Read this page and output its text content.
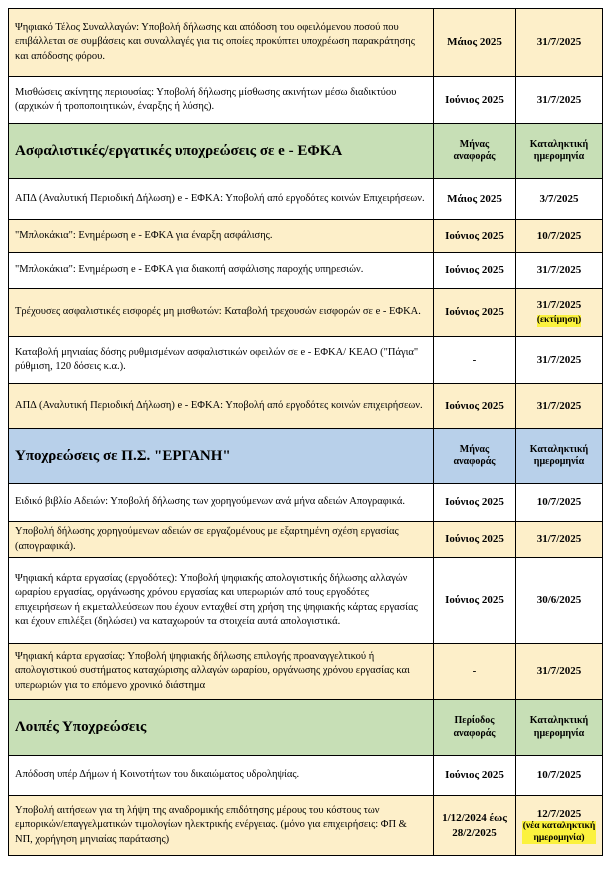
Ψηφιακό Τέλος Συναλλαγών: Υποβολή δήλωσης και απόδοση του οφειλόμενου ποσού που επιβάλλεται σε συμβάσεις και συναλλαγές για τις οποίες προκύπτει υποχρέωση παρακράτησης και απόδοσης φόρου.	Μάιος 2025	31/7/2025

Μισθώσεις ακίνητης περιουσίας: Υποβολή δήλωσης μίσθωσης ακινήτων μέσω διαδικτύου (αρχικών ή τροποποιητικών, έναρξης ή λύσης).	Ιούνιος 2025	31/7/2025

Ασφαλιστικές/εργατικές υποχρεώσεις σε e - ΕΦΚΑ	Μήνας αναφοράς	Καταληκτική ημερομηνία
ΑΠΔ (Αναλυτική Περιοδική Δήλωση) e - ΕΦΚΑ: Υποβολή από εργοδότες κοινών Επιχειρήσεων.	Μάιος 2025	3/7/2025

"Μπλοκάκια": Ενημέρωση e - ΕΦΚΑ για έναρξη ασφάλισης.	Ιούνιος 2025	10/7/2025

"Μπλοκάκια": Ενημέρωση e - ΕΦΚΑ για διακοπή ασφάλισης παροχής υπηρεσιών.	Ιούνιος 2025	31/7/2025

Τρέχουσες ασφαλιστικές εισφορές μη μισθωτών: Καταβολή τρεχουσών εισφορών σε e - ΕΦΚΑ.	Ιούνιος 2025	31/7/2025
(εκτίμηση)
Καταβολή μηνιαίας δόσης ρυθμισμένων ασφαλιστικών οφειλών σε e - ΕΦΚΑ/ ΚΕΑΟ ("Πάγια" ρύθμιση, 120 δόσεις κ.α.).	-	31/7/2025

ΑΠΔ (Αναλυτική Περιοδική Δήλωση) e - ΕΦΚΑ: Υποβολή από εργοδότες κοινών επιχειρήσεων.	Ιούνιος 2025	31/7/2025

Υποχρεώσεις σε Π.Σ. "ΕΡΓΑΝΗ"	Μήνας αναφοράς	Καταληκτική ημερομηνία
Ειδικό βιβλίο Αδειών: Υποβολή δήλωσης των χορηγούμενων ανά μήνα αδειών Απογραφικά.	Ιούνιος 2025	10/7/2025

Υποβολή δήλωσης χορηγούμενων αδειών σε εργαζομένους με εξαρτημένη σχέση εργασίας (απογραφικά).	Ιούνιος 2025	31/7/2025

Ψηφιακή κάρτα εργασίας (εργοδότες): Υποβολή ψηφιακής απολογιστικής δήλωσης αλλαγών ωραρίου εργασίας, οργάνωσης χρόνου εργασίας και υπερωριών από τους εργοδότες επιχειρήσεων ή εκμεταλλεύσεων που έχουν ενταχθεί στη χρήση της ψηφιακής κάρτας εργασίας και έχουν επιλέξει (δηλώσει) να καταχωρούν τα στοιχεία αυτά απολογιστικά.	Ιούνιος 2025	30/6/2025

Ψηφιακή κάρτα εργασίας: Υποβολή ψηφιακής δήλωσης επιλογής προαναγγελτικού ή απολογιστικού συστήματος καταχώρισης αλλαγών ωραρίου, οργάνωσης χρόνου εργασίας και υπερωριών για το επόμενο χρονικό διάστημα	-	31/7/2025

Λοιπές Υποχρεώσεις	Περίοδος αναφοράς	Καταληκτική ημερομηνία
Απόδοση υπέρ Δήμων ή Κοινοτήτων του δικαιώματος υδροληψίας.	Ιούνιος 2025	10/7/2025

Υποβολή αιτήσεων για τη λήψη της αναδρομικής επιδότησης μέρους του κόστους των εμπορικών/επαγγελματικών τιμολογίων ηλεκτρικής ενέργειας. (μόνο για επιχειρήσεις: ΦΠ & ΝΠ, χορήγηση μηνιαίας παράτασης)	1/12/2024 έως 28/2/2025	12/7/2025
(νέα καταληκτική ημερομηνία)
